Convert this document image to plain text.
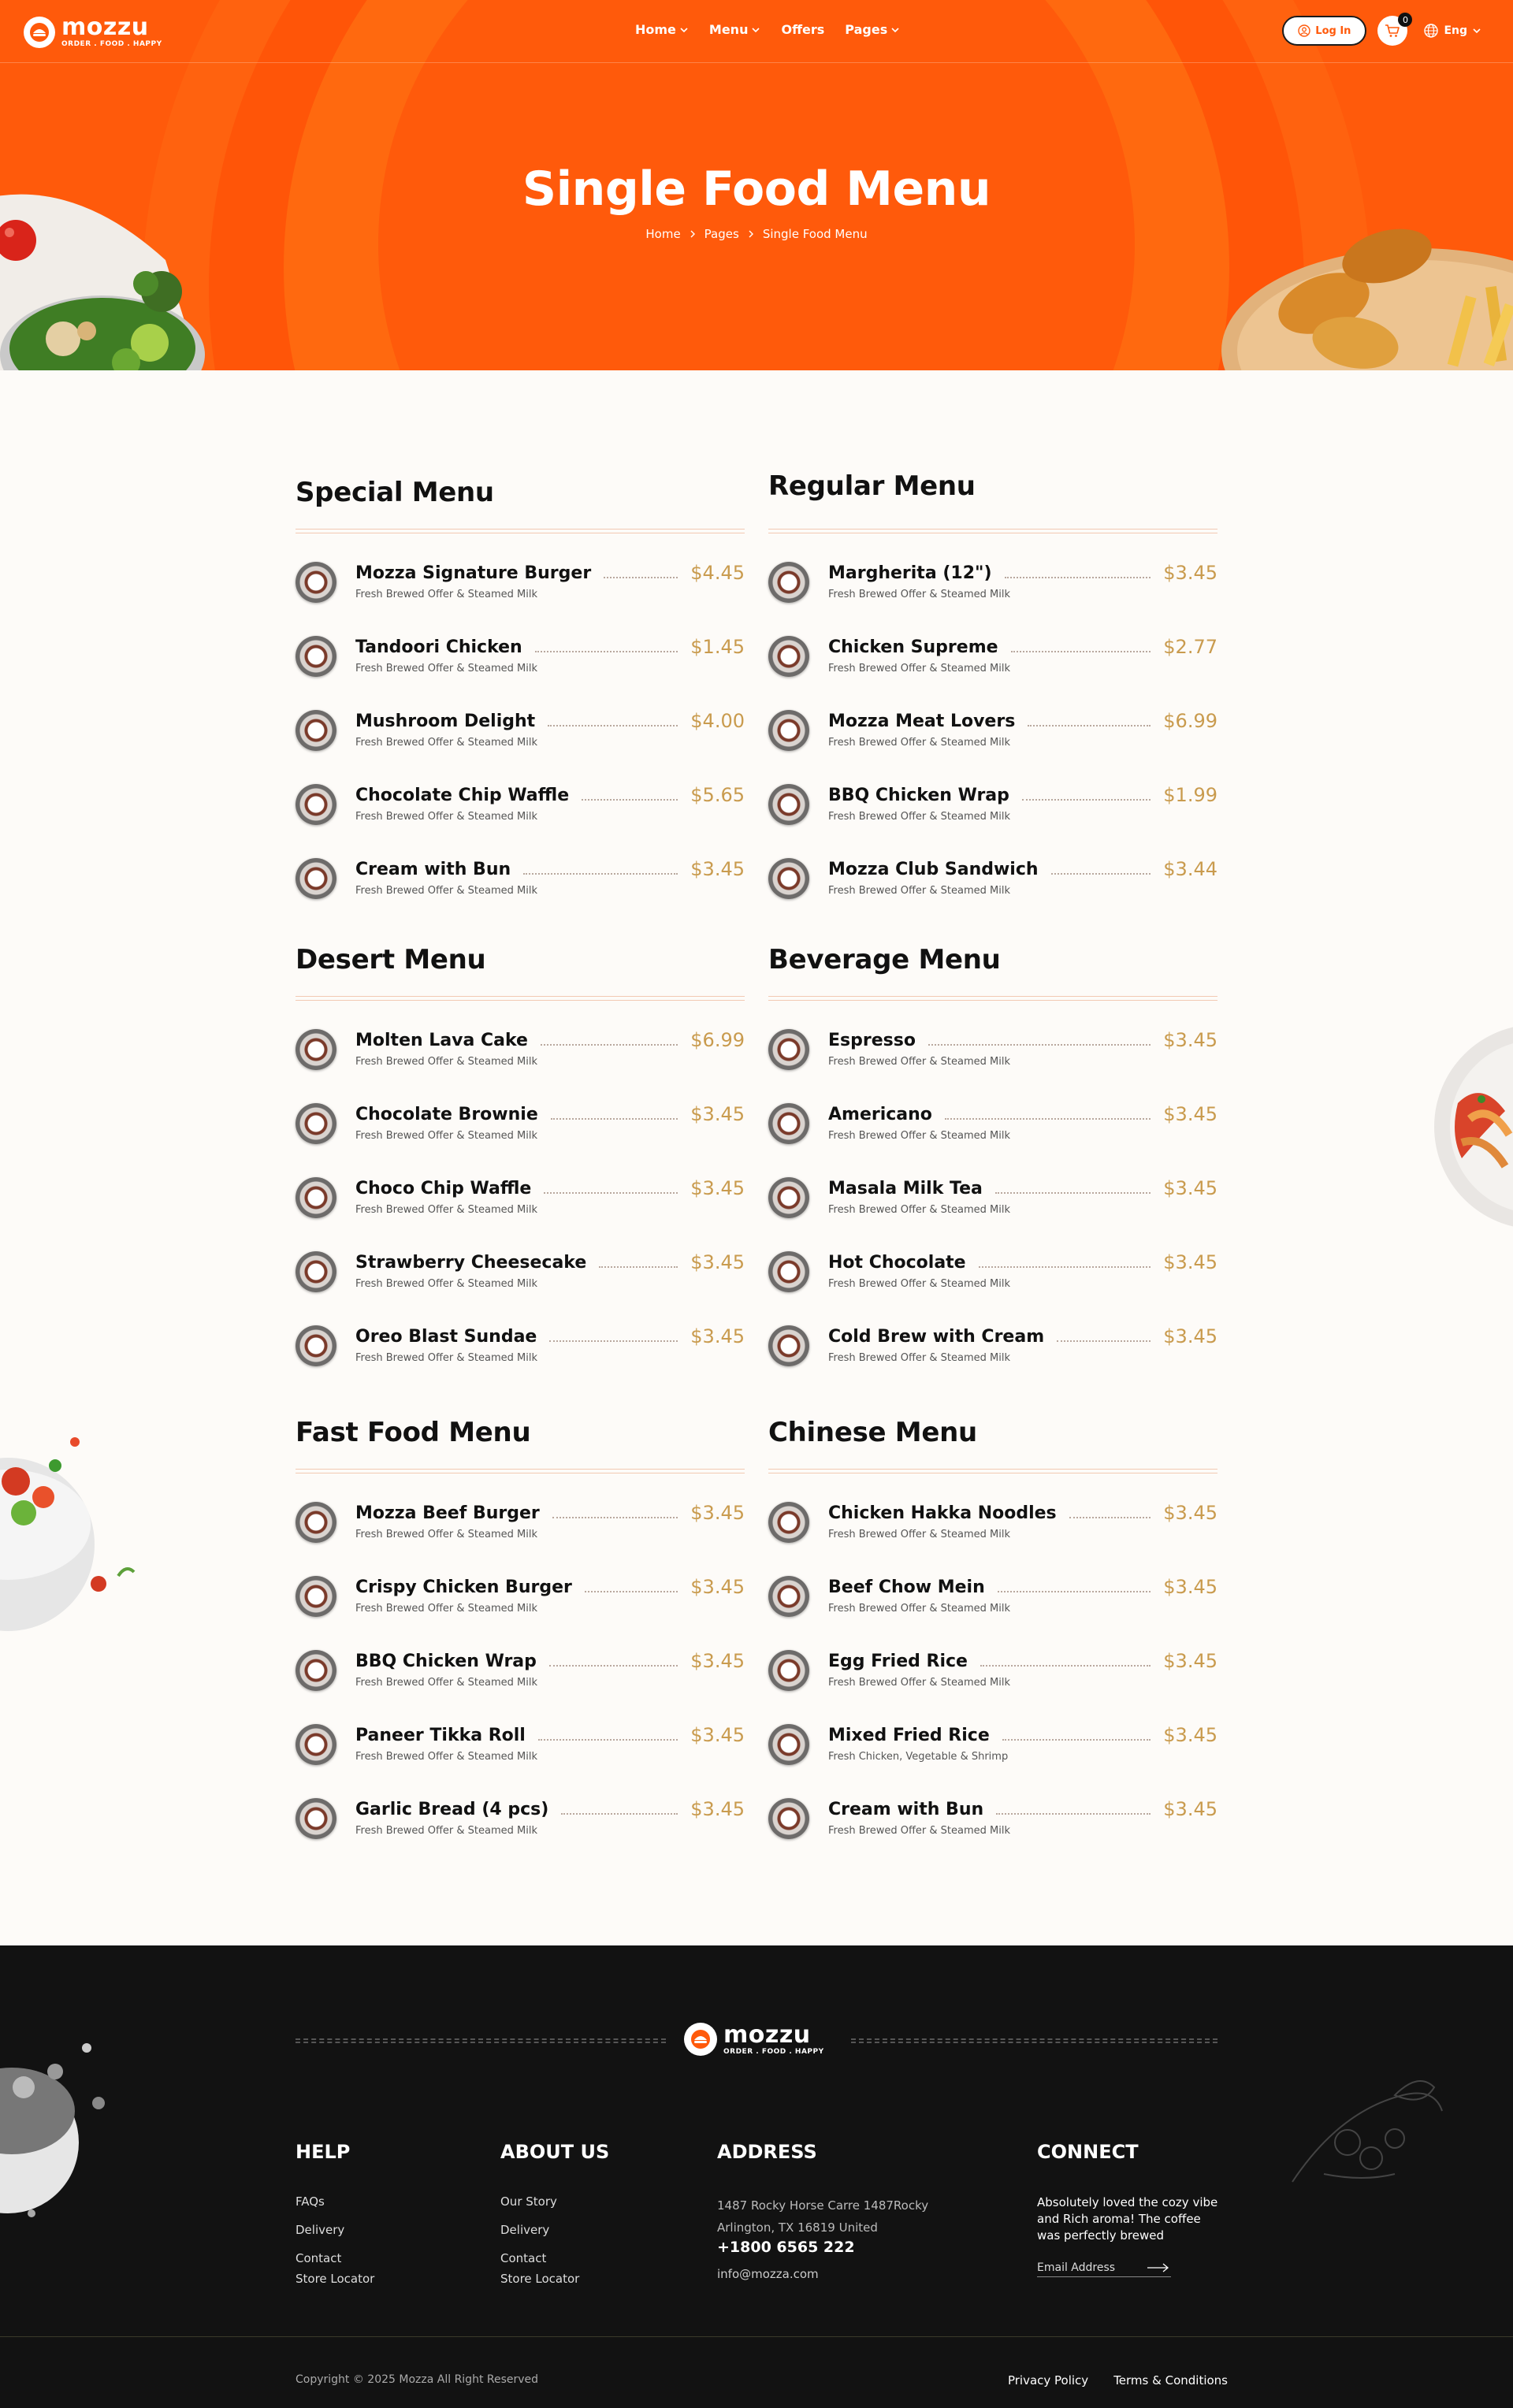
mozzu
ORDER . FOOD . HAPPY
Home	Menu	Offers Pages	Log In
0
Eng
Single Food Menu
Home Pages Single Food Menu
Special Menu
Mozza Signature Burger	$4.45
Fresh Brewed Offer & Steamed Milk
Tandoori Chicken	$1.45
Fresh Brewed Offer & Steamed Milk
Mushroom Delight	$4.00
Fresh Brewed Offer & Steamed Milk
Chocolate Chip Waffle	$5.65
Fresh Brewed Offer & Steamed Milk
Cream with Bun	$3.45
Fresh Brewed Offer & Steamed Milk
Regular Menu
Margherita (12")	$3.45
Fresh Brewed Offer & Steamed Milk
Chicken Supreme	$2.77
Fresh Brewed Offer & Steamed Milk
Mozza Meat Lovers	$6.99
Fresh Brewed Offer & Steamed Milk
BBQ Chicken Wrap	$1.99
Fresh Brewed Offer & Steamed Milk
Mozza Club Sandwich	$3.44
Fresh Brewed Offer & Steamed Milk
Desert Menu
Molten Lava Cake	$6.99
Fresh Brewed Offer & Steamed Milk
Chocolate Brownie	$3.45
Fresh Brewed Offer & Steamed Milk
Choco Chip Waffle	$3.45
Fresh Brewed Offer & Steamed Milk
Strawberry Cheesecake	$3.45
Fresh Brewed Offer & Steamed Milk
Oreo Blast Sundae	$3.45
Fresh Brewed Offer & Steamed Milk
Beverage Menu
Espresso	$3.45
Fresh Brewed Offer & Steamed Milk
Americano	$3.45
Fresh Brewed Offer & Steamed Milk
Masala Milk Tea	$3.45
Fresh Brewed Offer & Steamed Milk
Hot Chocolate	$3.45
Fresh Brewed Offer & Steamed Milk
Cold Brew with Cream	$3.45
Fresh Brewed Offer & Steamed Milk
Fast Food Menu
Mozza Beef Burger	$3.45
Fresh Brewed Offer & Steamed Milk
Crispy Chicken Burger	$3.45
Fresh Brewed Offer & Steamed Milk
BBQ Chicken Wrap	$3.45
Fresh Brewed Offer & Steamed Milk
Paneer Tikka Roll	$3.45
Fresh Brewed Offer & Steamed Milk
Garlic Bread (4 pcs)	$3.45
Fresh Brewed Offer & Steamed Milk
Chinese Menu
Chicken Hakka Noodles	$3.45
Fresh Brewed Offer & Steamed Milk
Beef Chow Mein	$3.45
Fresh Brewed Offer & Steamed Milk
Egg Fried Rice	$3.45
Fresh Brewed Offer & Steamed Milk
Mixed Fried Rice	$3.45
Fresh Chicken, Vegetable & Shrimp
Cream with Bun	$3.45
Fresh Brewed Offer & Steamed Milk
mozzu
ORDER . FOOD . HAPPY
HELP
FAQs
Delivery
Contact
Store Locator
ABOUT US
Our Story
Delivery
Contact
Store Locator
ADDRESS
1487 Rocky Horse Carre 1487Rocky
Arlington, TX 16819 United
+1800 6565 222
info@mozza.com
CONNECT
Absolutely loved the cozy vibe and Rich aroma! The coffee was perfectly brewed
Email Address
Copyright © 2025 Mozza All Right Reserved	Privacy Policy Terms & Conditions
